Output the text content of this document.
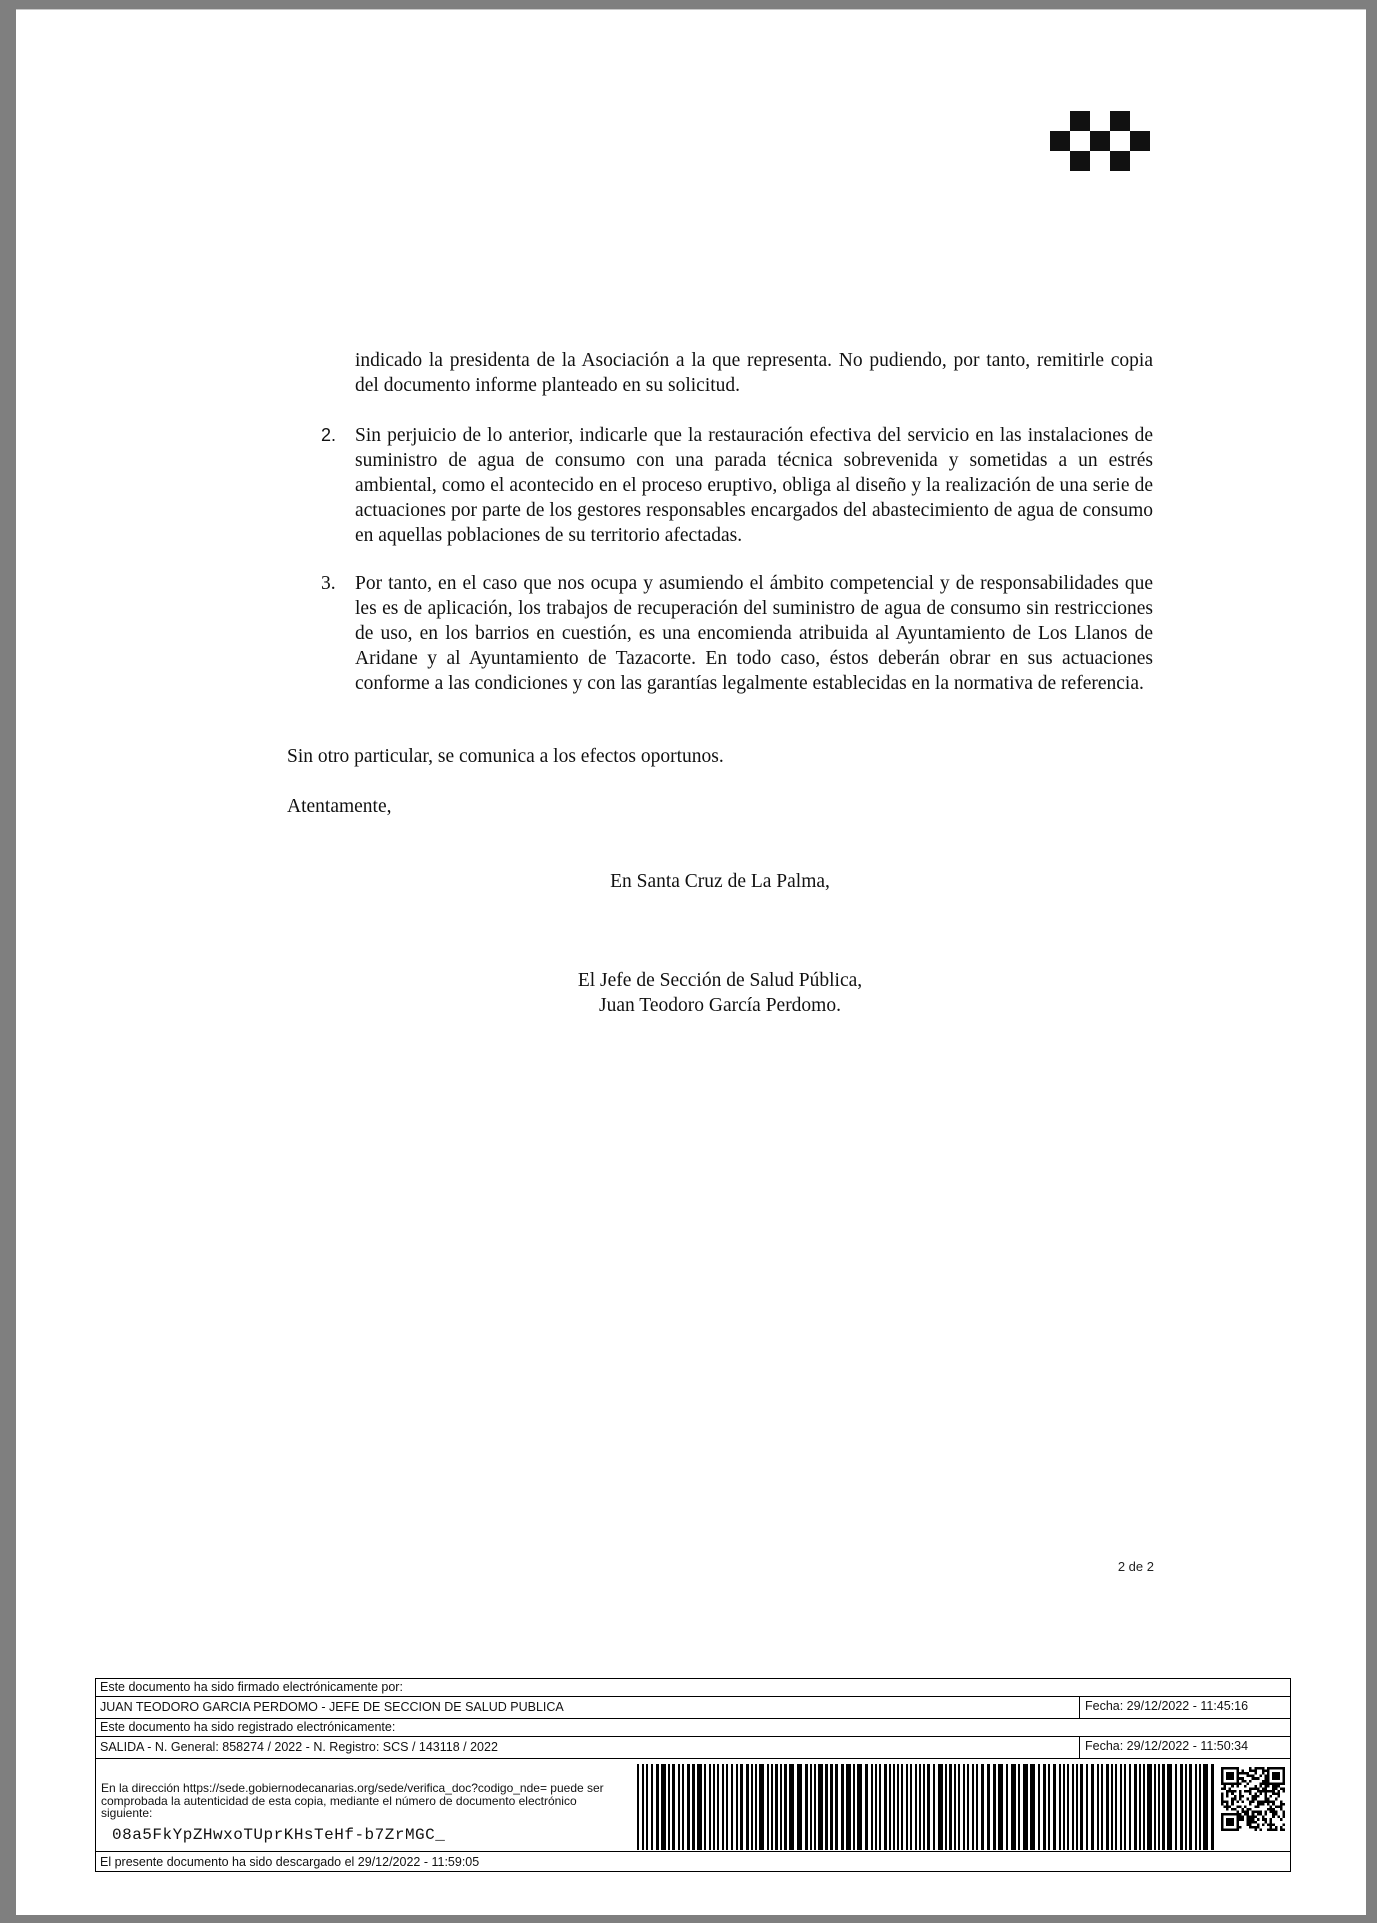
indicado la presidenta de la Asociación a la que representa. No pudiendo, por tanto, remitirle copia del documento informe planteado en su solicitud.

2. Sin perjuicio de lo anterior, indicarle que la restauración efectiva del servicio en las instalaciones de suministro de agua de consumo con una parada técnica sobrevenida y sometidas a un estrés ambiental, como el acontecido en el proceso eruptivo, obliga al diseño y la realización de una serie de actuaciones por parte de los gestores responsables encargados del abastecimiento de agua de consumo en aquellas poblaciones de su territorio afectadas.

3. Por tanto, en el caso que nos ocupa y asumiendo el ámbito competencial y de responsabilidades que les es de aplicación, los trabajos de recuperación del suministro de agua de consumo sin restricciones de uso, en los barrios en cuestión, es una encomienda atribuida al Ayuntamiento de Los Llanos de Aridane y al Ayuntamiento de Tazacorte. En todo caso, éstos deberán obrar en sus actuaciones conforme a las condiciones y con las garantías legalmente establecidas en la normativa de referencia.

Sin otro particular, se comunica a los efectos oportunos.

Atentamente,

En Santa Cruz de La Palma,
El Jefe de Sección de Salud Pública,
Juan Teodoro García Perdomo.
2 de 2
Este documento ha sido firmado electrónicamente por:
JUAN TEODORO GARCIA PERDOMO - JEFE DE SECCION DE SALUD PUBLICA	Fecha: 29/12/2022 - 11:45:16
Este documento ha sido registrado electrónicamente:
SALIDA - N. General: 858274 / 2022 - N. Registro: SCS / 143118 / 2022	Fecha: 29/12/2022 - 11:50:34
En la dirección https://sede.gobiernodecanarias.org/sede/verifica_doc?codigo_nde= puede ser comprobada la autenticidad de esta copia, mediante el número de documento electrónico siguiente:
08a5FkYpZHwxoTUprKHsTeHf-b7ZrMGC_
El presente documento ha sido descargado el 29/12/2022 - 11:59:05
